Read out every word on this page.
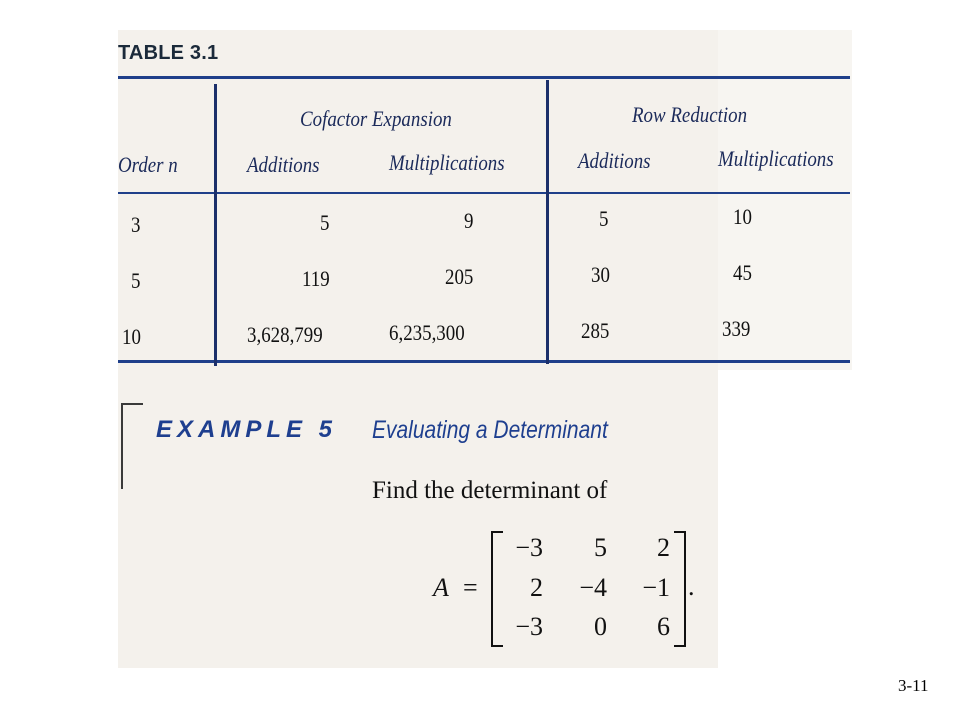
TABLE 3.1
Cofactor Expansion	Row Reduction
Order n	Additions	Multiplications	Additions	Multiplications
3	5	9	5	10
5	119	205	30	45
10	3,628,799	6,235,300	285	339
EXAMPLE 5 Evaluating a Determinant
Find the determinant of
A =
−3	5	2
2	−4	−1
−3	0	6
.
3-11
